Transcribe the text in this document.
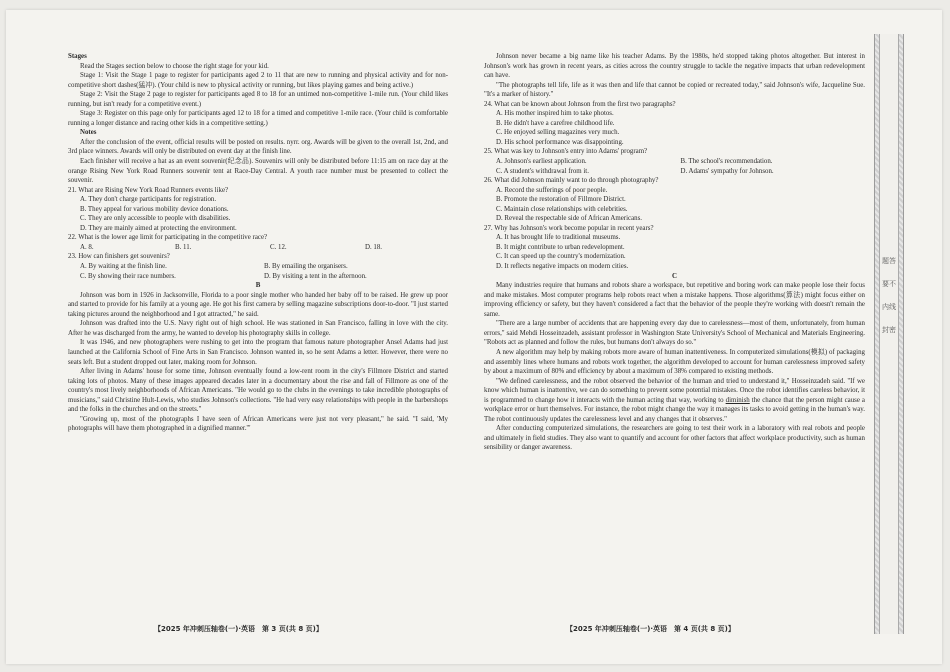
Stages

Read the Stages section below to choose the right stage for your kid.

Stage 1: Visit the Stage 1 page to register for participants aged 2 to 11 that are new to running and physical activity and for non-competitive short dashes(猛冲). (Your child is new to physical activity or running, but likes playing games and being active.)

Stage 2: Visit the Stage 2 page to register for participants aged 8 to 18 for an untimed non-competitive 1-mile run. (Your child likes running, but isn't ready for a competitive event.)

Stage 3: Register on this page only for participants aged 12 to 18 for a timed and competitive 1-mile race. (Your child is comfortable running a longer distance and racing other kids in a competitive setting.)

Notes

After the conclusion of the event, official results will be posted on results. nyrr. org. Awards will be given to the overall 1st, 2nd, and 3rd place winners. Awards will only be distributed on event day at the finish line.

Each finisher will receive a hat as an event souvenir(纪念品). Souvenirs will only be distributed before 11:15 am on race day at the orange Rising New York Road Runners souvenir tent at Race-Day Central. A youth race number must be presented to collect the souvenir.

21. What are Rising New York Road Runners events like?

A. They don't charge participants for registration.

B. They appeal for various mobility device donations.

C. They are only accessible to people with disabilities.

D. They are mainly aimed at protecting the environment.

22. What is the lower age limit for participating in the competitive race?

A. 8.	B. 11.	C. 12.	D. 18.

23. How can finishers get souvenirs?

A. By waiting at the finish line.	B. By emailing the organisers.
C. By showing their race numbers.	D. By visiting a tent in the afternoon.

B

Johnson was born in 1926 in Jacksonville, Florida to a poor single mother who handed her baby off to be raised. He grew up poor and started to provide for his family at a young age. He got his first camera by selling magazine subscriptions door-to-door. "I just started taking pictures around the neighborhood and I got attracted," he said.

Johnson was drafted into the U.S. Navy right out of high school. He was stationed in San Francisco, falling in love with the city. After he was discharged from the army, he wanted to develop his photography skills in college.

It was 1946, and new photographers were rushing to get into the program that famous nature photographer Ansel Adams had just launched at the California School of Fine Arts in San Francisco. Johnson wanted in, so he sent Adams a letter. However, there were no seats left. But a student dropped out later, making room for Johnson.

After living in Adams' house for some time, Johnson eventually found a low-rent room in the city's Fillmore District and started taking lots of photos. Many of these images appeared decades later in a documentary about the rise and fall of Fillmore as one of the country's most lively neighborhoods of African Americans. "He would go to the clubs in the evenings to take incredible photographs of musicians," said Christine Hult-Lewis, who studies Johnson's collections. "He had very easy relationships with people in the barbershops and the folks in the churches and on the streets."

"Growing up, most of the photographs I have seen of African Americans were just not very pleasant," he said. "I said, 'My photographs will have them photographed in a dignified manner.'"

【2025 年冲刺压轴卷(一)·英语　第 3 页(共 8 页)】

Johnson never became a big name like his teacher Adams. By the 1980s, he'd stopped taking photos altogether. But interest in Johnson's work has grown in recent years, as cities across the country struggle to tackle the negative impacts that urban redevelopment can have.

"The photographs tell life, life as it was then and life that cannot be copied or recreated today," said Johnson's wife, Jacqueline Sue. "It's a marker of history."

24. What can be known about Johnson from the first two paragraphs?

A. His mother inspired him to take photos.

B. He didn't have a carefree childhood life.

C. He enjoyed selling magazines very much.

D. His school performance was disappointing.

25. What was key to Johnson's entry into Adams' program?

A. Johnson's earliest application.	B. The school's recommendation.
C. A student's withdrawal from it.	D. Adams' sympathy for Johnson.

26. What did Johnson mainly want to do through photography?

A. Record the sufferings of poor people.

B. Promote the restoration of Fillmore District.

C. Maintain close relationships with celebrities.

D. Reveal the respectable side of African Americans.

27. Why has Johnson's work become popular in recent years?

A. It has brought life to traditional museums.

B. It might contribute to urban redevelopment.

C. It can speed up the country's modernization.

D. It reflects negative impacts on modern cities.

C

Many industries require that humans and robots share a workspace, but repetitive and boring work can make people lose their focus and make mistakes. Most computer programs help robots react when a mistake happens. Those algorithms(算法) might focus either on improving efficiency or safety, but they haven't considered a fact that the behavior of the people they're working with doesn't remain the same.

"There are a large number of accidents that are happening every day due to carelessness—most of them, unfortunately, from human errors," said Mehdi Hosseinzadeh, assistant professor in Washington State University's School of Mechanical and Materials Engineering. "Robots act as planned and follow the rules, but humans don't always do so."

A new algorithm may help by making robots more aware of human inattentiveness. In computerized simulations(模拟) of packaging and assembly lines where humans and robots work together, the algorithm developed to account for human carelessness improved safety by about a maximum of 80% and efficiency by about a maximum of 38% compared to existing methods.

"We defined carelessness, and the robot observed the behavior of the human and tried to understand it," Hosseinzadeh said. "If we know which human is inattentive, we can do something to prevent some potential mistakes. Once the robot identifies careless behavior, it is programmed to change how it interacts with the human acting that way, working to diminish the chance that the person might cause a workplace error or hurt themselves. For instance, the robot might change the way it manages its tasks to avoid getting in the human's way. The robot continuously updates the carelessness level and any changes that it observes."

After conducting computerized simulations, the researchers are going to test their work in a laboratory with real robots and people and ultimately in field studies. They also want to quantify and account for other factors that affect workplace productivity, such as human sensibility or danger awareness.

【2025 年冲刺压轴卷(一)·英语　第 4 页(共 8 页)】
题答要不内线封密
